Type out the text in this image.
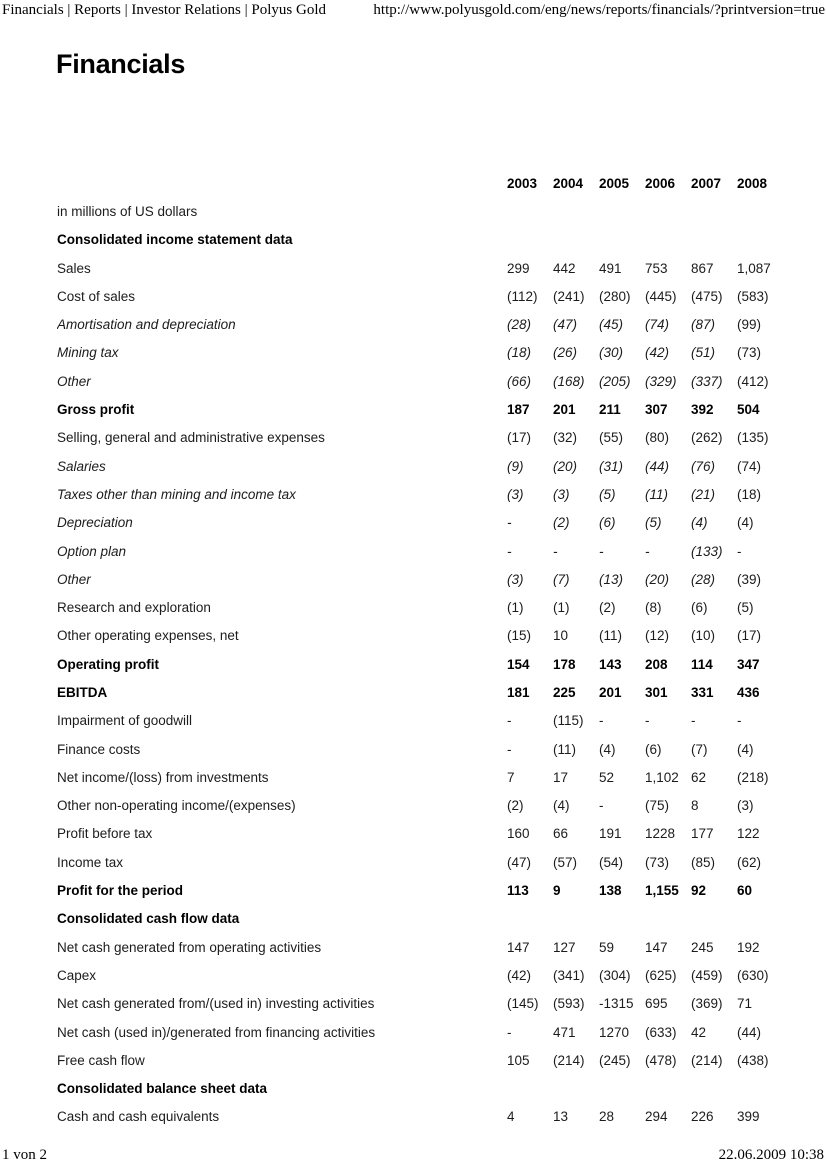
Financials | Reports | Investor Relations | Polyus Gold	http://www.polyusgold.com/eng/news/reports/financials/?printversion=true
Financials
	2003	2004	2005	2006	2007	2008
in millions of US dollars						
Consolidated income statement data						
Sales	299	442	491	753	867	1,087
Cost of sales	(112)	(241)	(280)	(445)	(475)	(583)
Amortisation and depreciation	(28)	(47)	(45)	(74)	(87)	(99)
Mining tax	(18)	(26)	(30)	(42)	(51)	(73)
Other	(66)	(168)	(205)	(329)	(337)	(412)
Gross profit	187	201	211	307	392	504
Selling, general and administrative expenses	(17)	(32)	(55)	(80)	(262)	(135)
Salaries	(9)	(20)	(31)	(44)	(76)	(74)
Taxes other than mining and income tax	(3)	(3)	(5)	(11)	(21)	(18)
Depreciation	-	(2)	(6)	(5)	(4)	(4)
Option plan	-	-	-	-	(133)	-
Other	(3)	(7)	(13)	(20)	(28)	(39)
Research and exploration	(1)	(1)	(2)	(8)	(6)	(5)
Other operating expenses, net	(15)	10	(11)	(12)	(10)	(17)
Operating profit	154	178	143	208	114	347
EBITDA	181	225	201	301	331	436
Impairment of goodwill	-	(115)	-	-	-	-
Finance costs	-	(11)	(4)	(6)	(7)	(4)
Net income/(loss) from investments	7	17	52	1,102	62	(218)
Other non-operating income/(expenses)	(2)	(4)	-	(75)	8	(3)
Profit before tax	160	66	191	1228	177	122
Income tax	(47)	(57)	(54)	(73)	(85)	(62)
Profit for the period	113	9	138	1,155	92	60
Consolidated cash flow data						
Net cash generated from operating activities	147	127	59	147	245	192
Capex	(42)	(341)	(304)	(625)	(459)	(630)
Net cash generated from/(used in) investing activities	(145)	(593)	-1315	695	(369)	71
Net cash (used in)/generated from financing activities	-	471	1270	(633)	42	(44)
Free cash flow	105	(214)	(245)	(478)	(214)	(438)
Consolidated balance sheet data						
Cash and cash equivalents	4	13	28	294	226	399
1 von 2	22.06.2009 10:38
